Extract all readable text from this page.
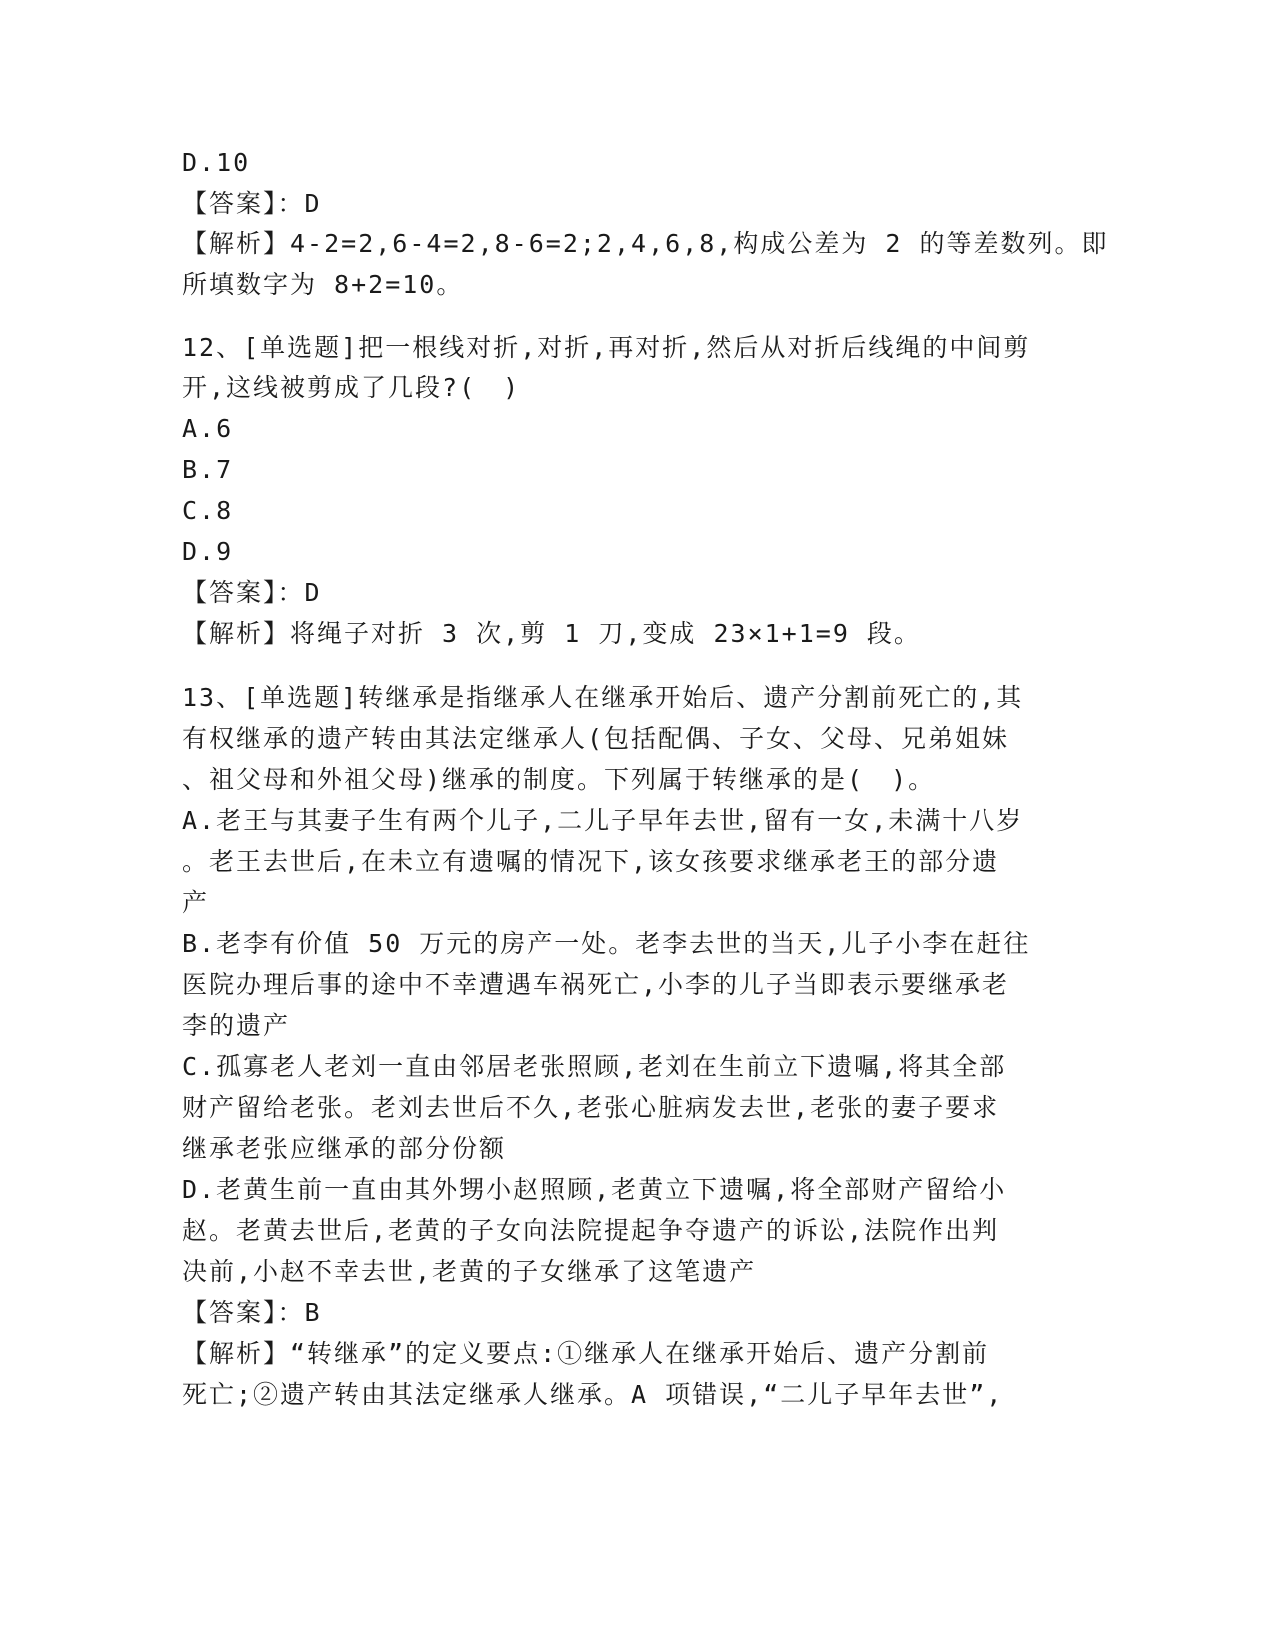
D.10
【答案】：D
【解析】4-2=2,6-4=2,8-6=2;2,4,6,8,构成公差为 2 的等差数列。即
所填数字为 8+2=10。
12、[单选题]把一根线对折,对折,再对折,然后从对折后线绳的中间剪
开,这线被剪成了几段?(　)
A.6
B.7
C.8
D.9
【答案】：D
【解析】将绳子对折 3 次,剪 1 刀,变成 23×1+1=9 段。
13、[单选题]转继承是指继承人在继承开始后、遗产分割前死亡的,其
有权继承的遗产转由其法定继承人(包括配偶、子女、父母、兄弟姐妹
、祖父母和外祖父母)继承的制度。下列属于转继承的是(　)。
A.老王与其妻子生有两个儿子,二儿子早年去世,留有一女,未满十八岁
。老王去世后,在未立有遗嘱的情况下,该女孩要求继承老王的部分遗
产
B.老李有价值 50 万元的房产一处。老李去世的当天,儿子小李在赶往
医院办理后事的途中不幸遭遇车祸死亡,小李的儿子当即表示要继承老
李的遗产
C.孤寡老人老刘一直由邻居老张照顾,老刘在生前立下遗嘱,将其全部
财产留给老张。老刘去世后不久,老张心脏病发去世,老张的妻子要求
继承老张应继承的部分份额
D.老黄生前一直由其外甥小赵照顾,老黄立下遗嘱,将全部财产留给小
赵。老黄去世后,老黄的子女向法院提起争夺遗产的诉讼,法院作出判
决前,小赵不幸去世,老黄的子女继承了这笔遗产
【答案】：B
【解析】“转继承”的定义要点:①继承人在继承开始后、遗产分割前
死亡;②遗产转由其法定继承人继承。A 项错误,“二儿子早年去世”,
